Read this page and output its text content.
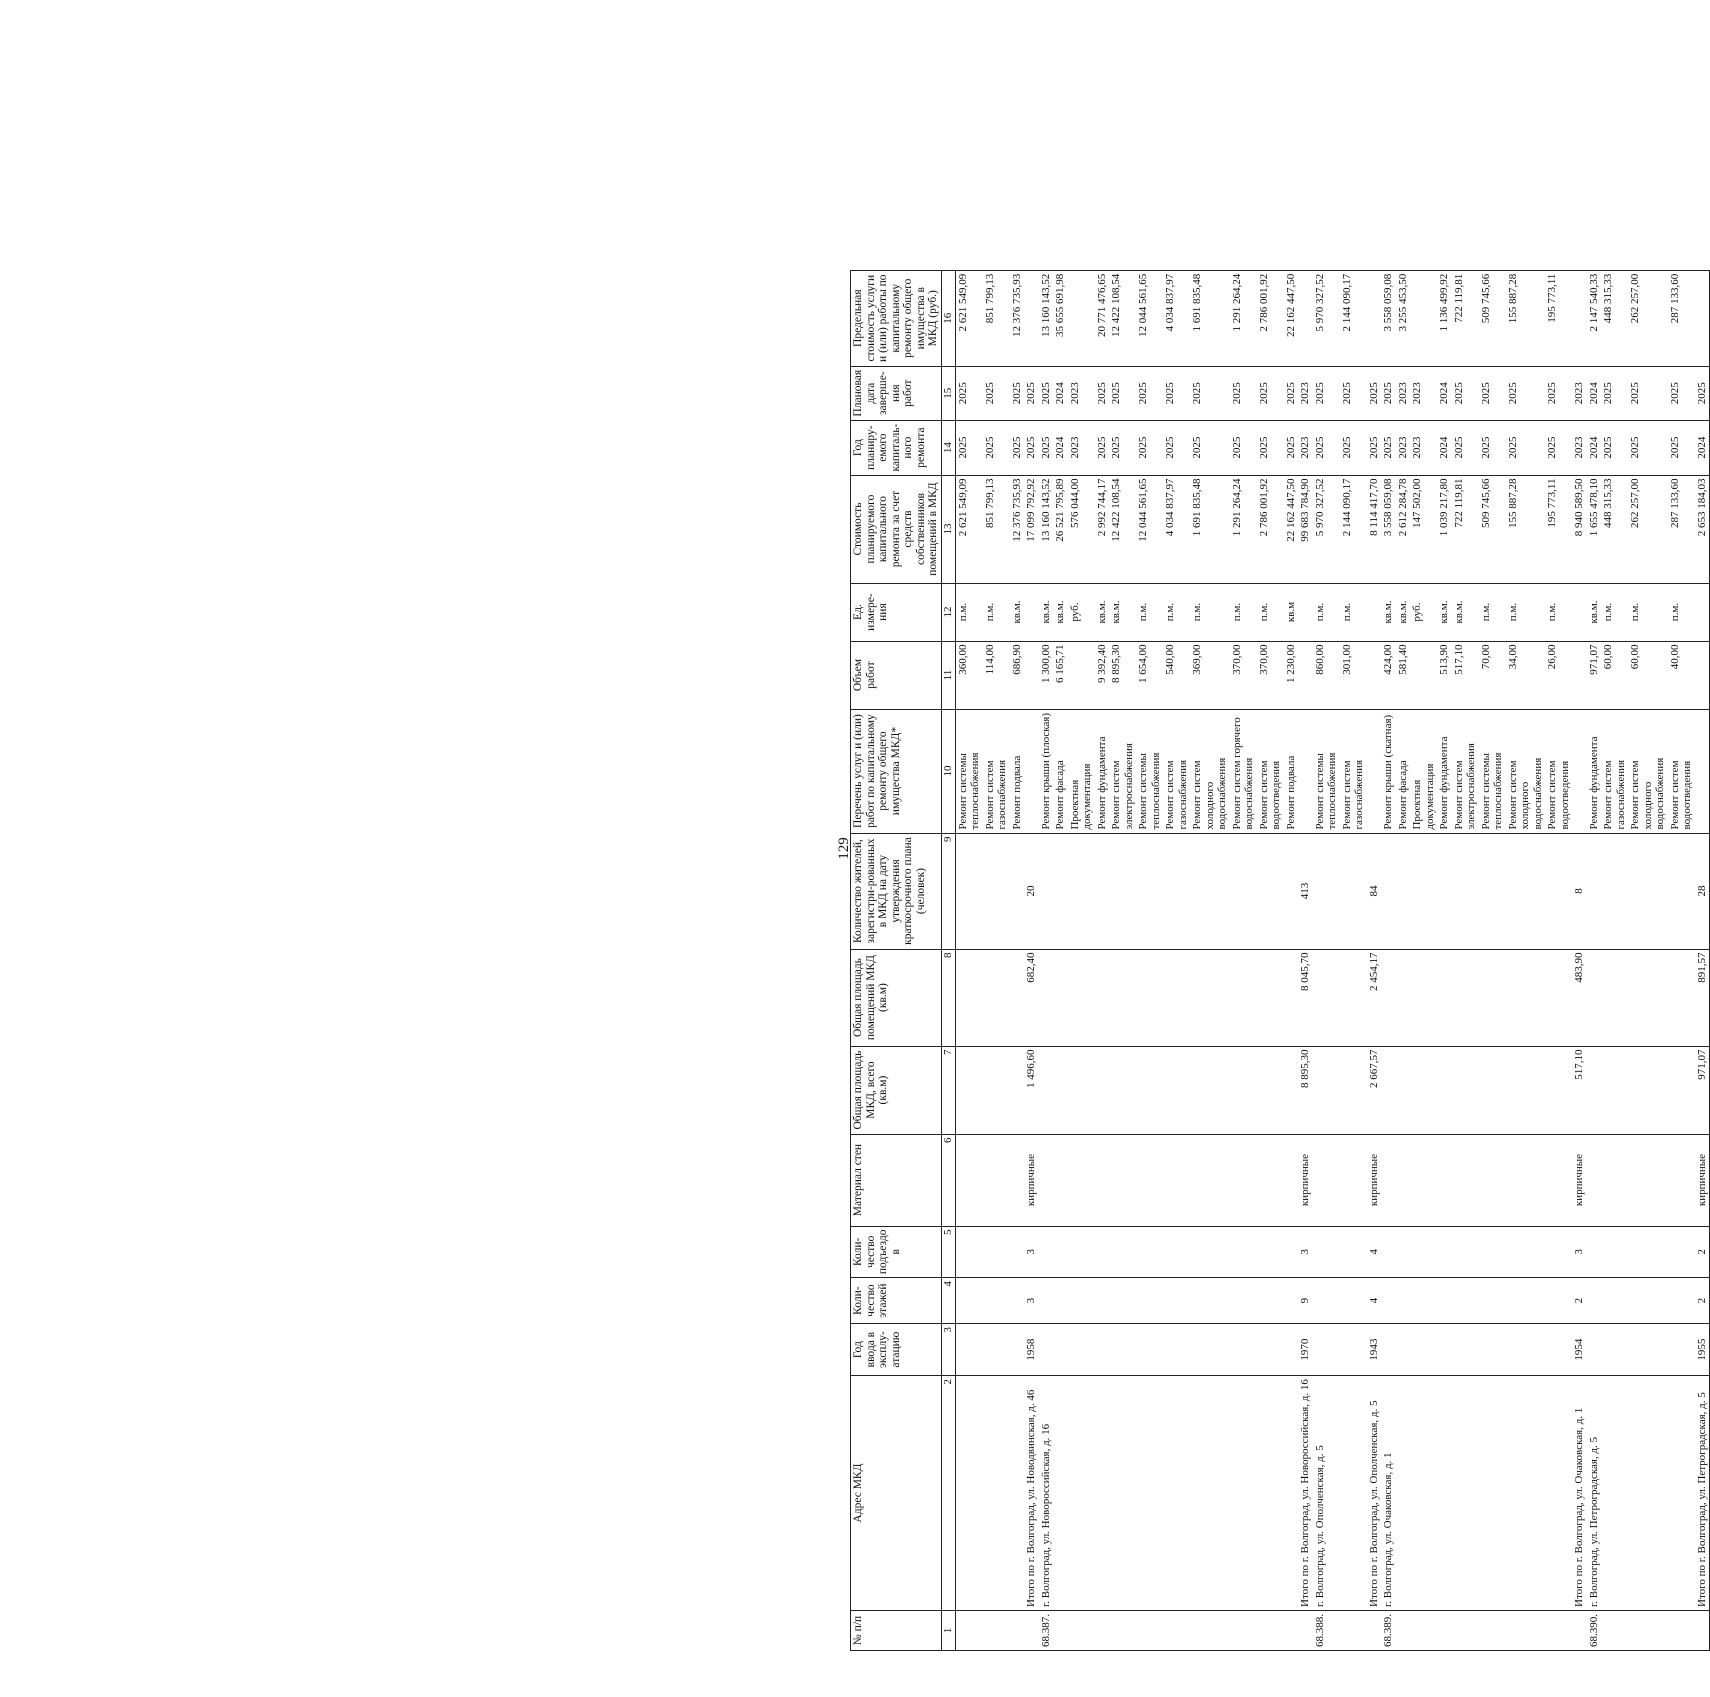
129
№ п/п	Адрес МКД	Год ввода в эксплу-атацию	Коли-чество этажей	Коли-чество подъездо в	Материал стен	Общая площадь МКД, всего (кв.м)	Общая площадь помещений МКД (кв.м)	Количество жителей, зарегистри-рованных в МКД на дату утверждения краткосрочного плана (человек)	Перечень услуг и (или) работ по капитальному ремонту общего имущества МКД*	Объем работ	Ед. измере-ния	Стоимость планируемого капитального ремонта за счет средств собственников помещений в МКД	Год планиру-емого капиталь-ного ремонта	Плановая дата заверше-ния работ	Предельная стоимость услуги и (или) работы по капитальному ремонту общего имущества в МКД (руб.)
1	2	3	4	5	6	7	8	9	10	11	12	13	14	15	16
									Ремонт системы теплоснабжения	360,00	п.м.	2 621 549,09	2025	2025	2 621 549,09
									Ремонт систем газоснабжения	114,00	п.м.	851 799,13	2025	2025	851 799,13
									Ремонт подвала	686,90	кв.м.	12 376 735,93	2025	2025	12 376 735,93
	Итого по г. Волгоград, ул. Новодвинская, д. 46	1958	3	3	кирпичные	1 496,60	682,40	20				17 099 792,92	2025	2025	
68.387.	г. Волгоград, ул. Новороссийская, д. 16								Ремонт крыши (плоская)	1 300,00	кв.м.	13 160 143,52	2025	2025	13 160 143,52
									Ремонт фасада	6 165,71	кв.м.	26 521 795,89	2024	2024	35 655 691,98
									Проектная документация		руб.	576 044,00	2023	2023	
									Ремонт фундамента	9 392,40	кв.м.	2 992 744,17	2025	2025	20 771 476,65
									Ремонт систем электроснабжения	8 895,30	кв.м.	12 422 108,54	2025	2025	12 422 108,54
									Ремонт системы теплоснабжения	1 654,00	п.м.	12 044 561,65	2025	2025	12 044 561,65
									Ремонт систем газоснабжения	540,00	п.м.	4 034 837,97	2025	2025	4 034 837,97
									Ремонт систем холодного водоснабжения	369,00	п.м.	1 691 835,48	2025	2025	1 691 835,48
									Ремонт систем горячего водоснабжения	370,00	п.м.	1 291 264,24	2025	2025	1 291 264,24
									Ремонт систем водоотведения	370,00	п.м.	2 786 001,92	2025	2025	2 786 001,92
									Ремонт подвала	1 230,00	кв.м	22 162 447,50	2025	2025	22 162 447,50
	Итого по г. Волгоград, ул. Новороссийская, д. 16	1970	9	3	кирпичные	8 895,30	8 045,70	413				99 683 784,90	2023	2023	
68.388.	г. Волгоград, ул. Ополченская, д. 5								Ремонт системы теплоснабжения	860,00	п.м.	5 970 327,52	2025	2025	5 970 327,52
									Ремонт систем газоснабжения	301,00	п.м.	2 144 090,17	2025	2025	2 144 090,17
	Итого по г. Волгоград, ул. Ополченская, д. 5	1943	4	4	кирпичные	2 667,57	2 454,17	84				8 114 417,70	2025	2025	
68.389.	г. Волгоград, ул. Очаковская, д. 1								Ремонт крыши (скатная)	424,00	кв.м.	3 558 059,08	2025	2025	3 558 059,08
									Ремонт фасада	581,40	кв.м.	2 612 284,78	2023	2023	3 255 453,50
									Проектная документация		руб.	147 502,00	2023	2023	
									Ремонт фундамента	513,90	кв.м.	1 039 217,80	2024	2024	1 136 499,92
									Ремонт систем электроснабжения	517,10	кв.м.	722 119,81	2025	2025	722 119,81
									Ремонт системы теплоснабжения	70,00	п.м.	509 745,66	2025	2025	509 745,66
									Ремонт систем холодного водоснабжения	34,00	п.м.	155 887,28	2025	2025	155 887,28
									Ремонт систем водоотведения	26,00	п.м.	195 773,11	2025	2025	195 773,11
	Итого по г. Волгоград, ул. Очаковская, д. 1	1954	2	3	кирпичные	517,10	483,90	8				8 940 589,50	2023	2023	
68.390.	г. Волгоград, ул. Петроградская, д. 5								Ремонт фундамента	971,07	кв.м.	1 655 478,10	2024	2024	2 147 540,33
									Ремонт систем газоснабжения	60,00	п.м.	448 315,33	2025	2025	448 315,33
									Ремонт систем холодного водоснабжения	60,00	п.м.	262 257,00	2025	2025	262 257,00
									Ремонт систем водоотведения	40,00	п.м.	287 133,60	2025	2025	287 133,60
	Итого по г. Волгоград, ул. Петроградская, д. 5	1955	2	2	кирпичные	971,07	891,57	28				2 653 184,03	2024	2025	
